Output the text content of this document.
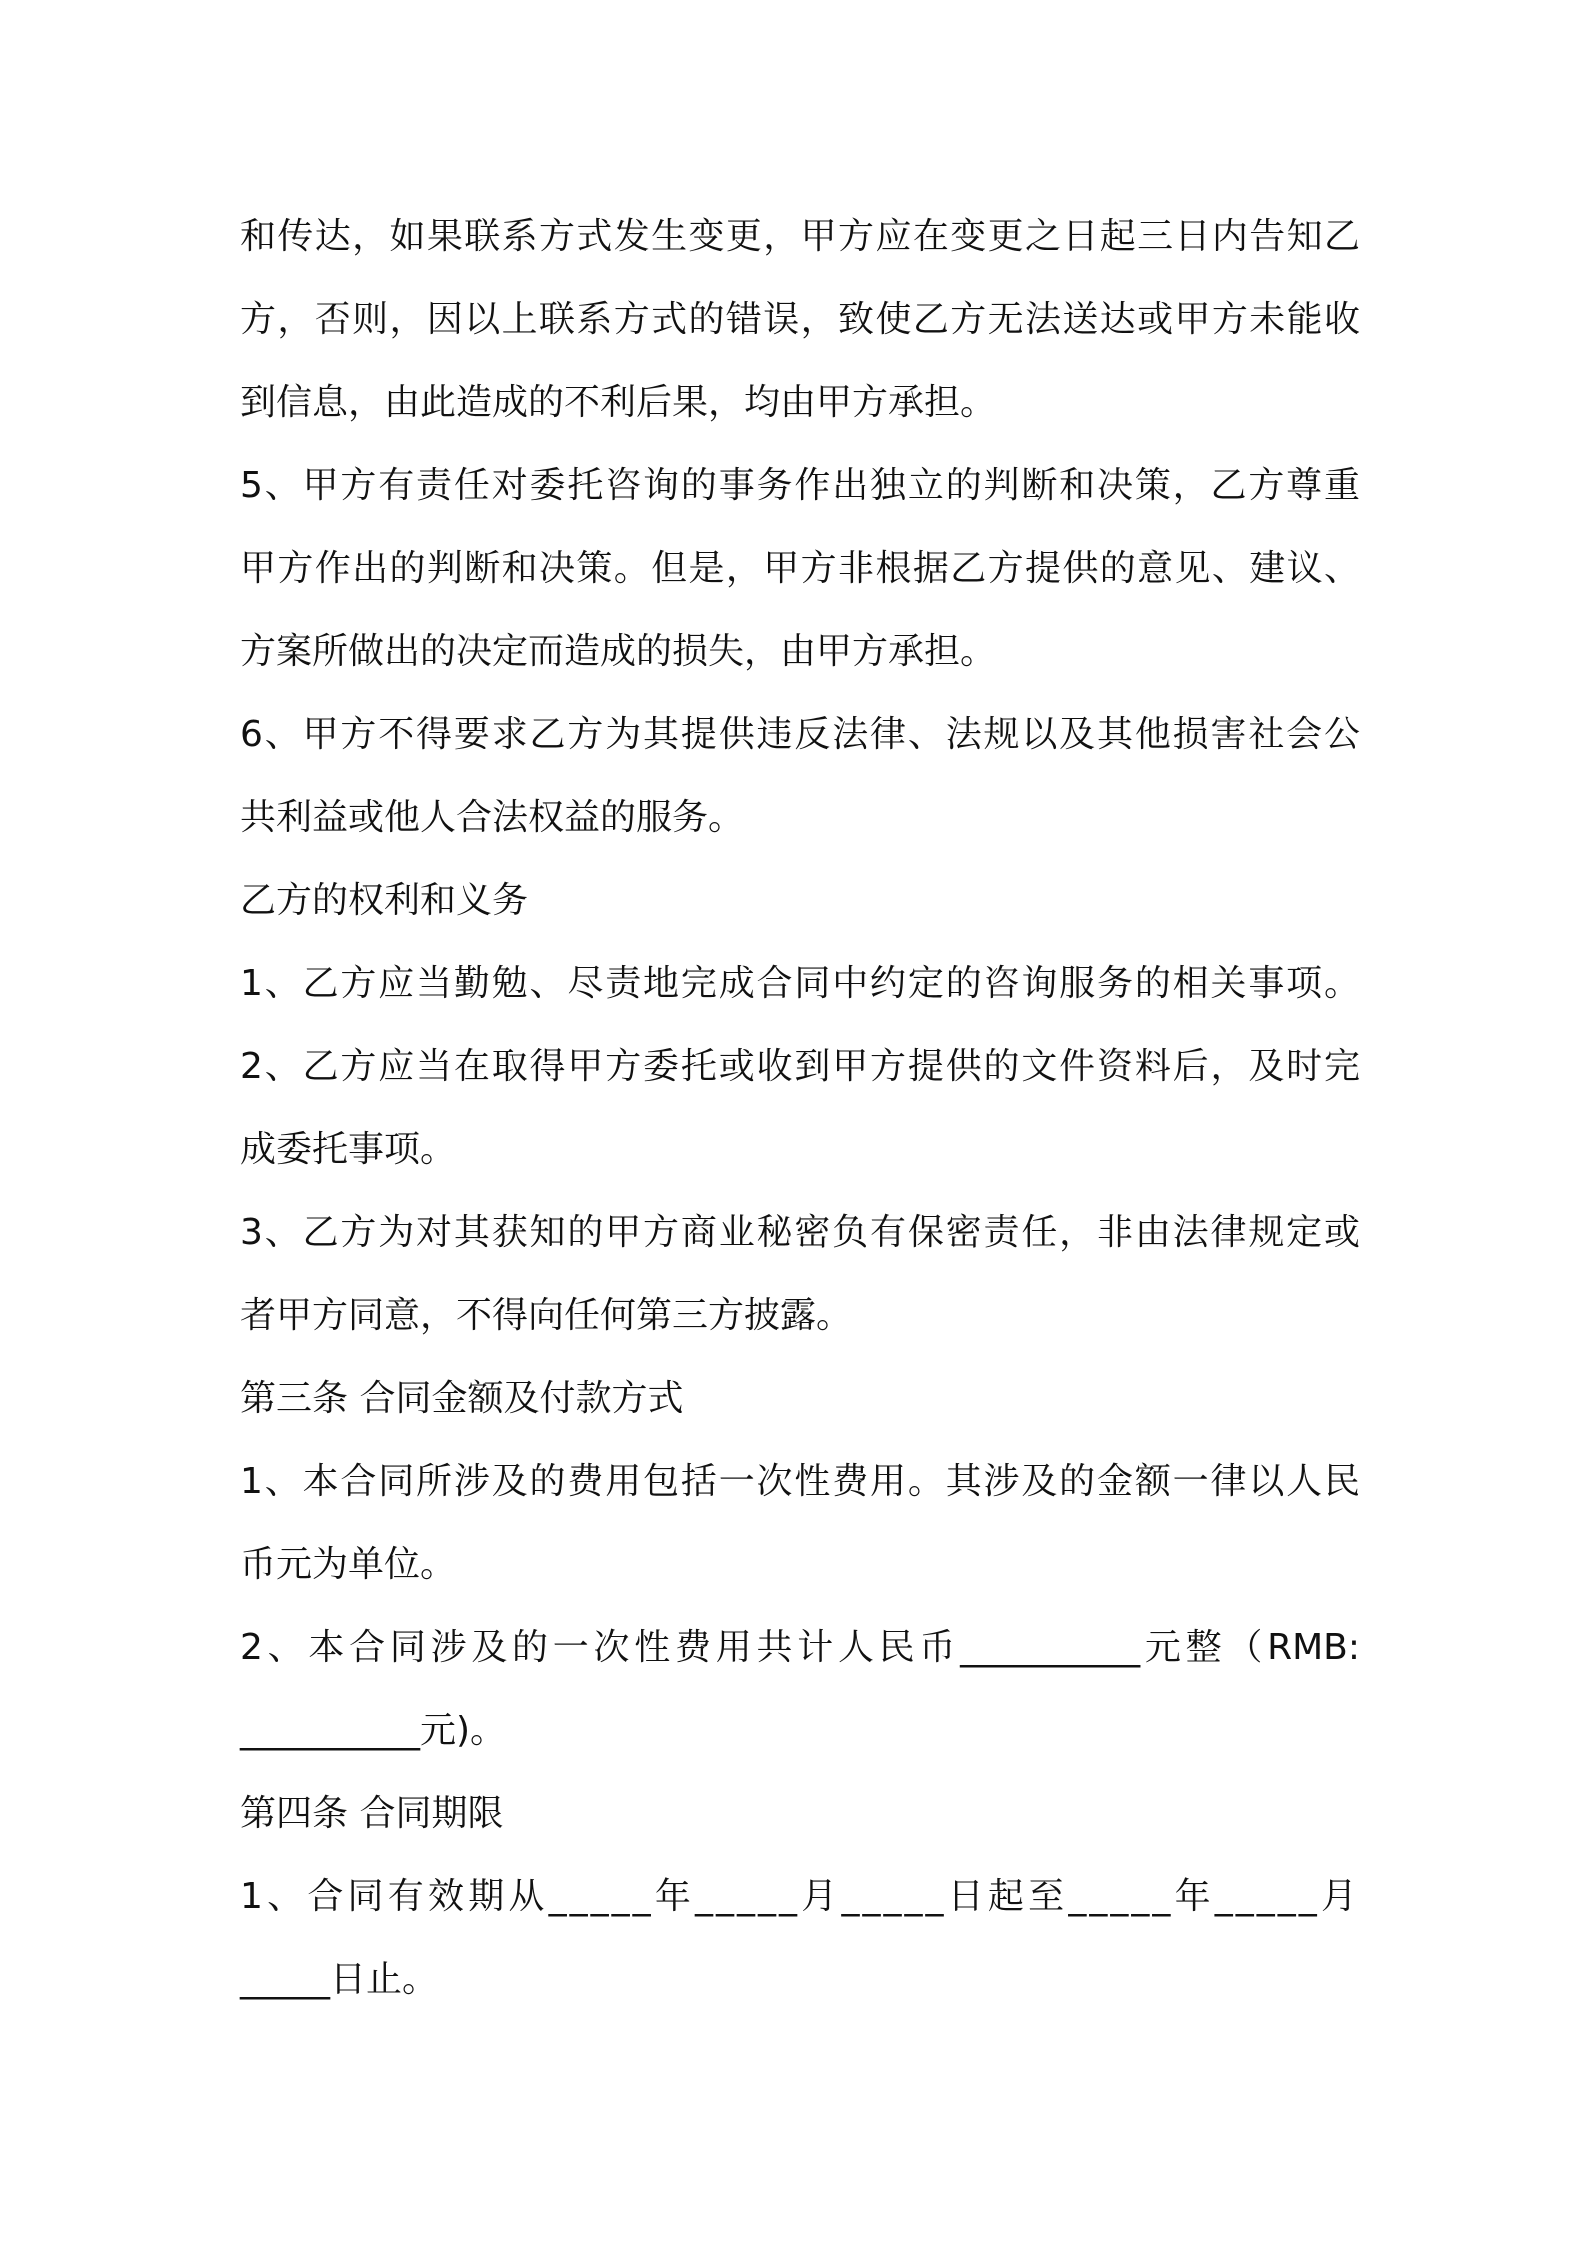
和传达，如果联系方式发生变更，甲方应在变更之日起三日内告知乙
方，否则，因以上联系方式的错误，致使乙方无法送达或甲方未能收
到信息，由此造成的不利后果，均由甲方承担。
5、甲方有责任对委托咨询的事务作出独立的判断和决策，乙方尊重
甲方作出的判断和决策。但是，甲方非根据乙方提供的意见、建议、
方案所做出的决定而造成的损失，由甲方承担。
6、甲方不得要求乙方为其提供违反法律、法规以及其他损害社会公
共利益或他人合法权益的服务。
乙方的权利和义务
1、乙方应当勤勉、尽责地完成合同中约定的咨询服务的相关事项。
2、乙方应当在取得甲方委托或收到甲方提供的文件资料后，及时完
成委托事项。
3、乙方为对其获知的甲方商业秘密负有保密责任，非由法律规定或
者甲方同意，不得向任何第三方披露。
第三条 合同金额及付款方式
1、本合同所涉及的费用包括一次性费用。其涉及的金额一律以人民
币元为单位。
2、本合同涉及的一次性费用共计人民币__________元整（RMB:
__________元)。
第四条 合同期限
1、合同有效期从_____年_____月_____日起至_____年_____月
_____日止。
